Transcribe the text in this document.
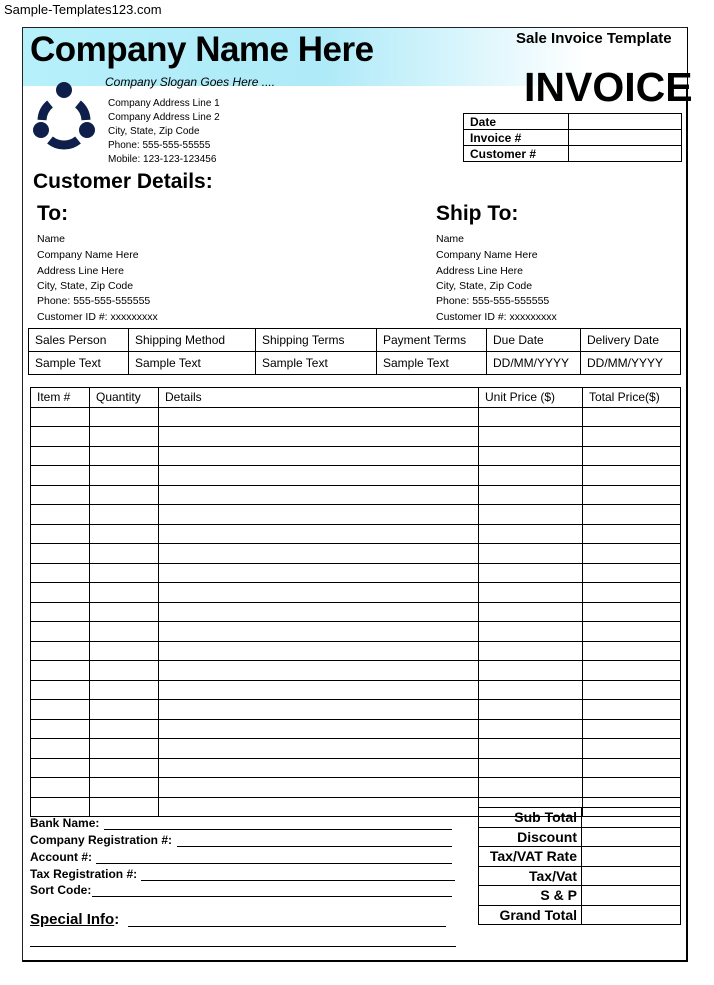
Sample-Templates123.com
Company Name Here	Sale Invoice Template
Company Slogan Goes Here ....	INVOICE
Company Address Line 1
Company Address Line 2
City, State, Zip Code
Phone: 555-555-55555
Mobile: 123-123-123456
Date	
Invoice #	
Customer #	
Customer Details:
To:	Ship To:
Name
Company Name Here
Address Line Here
City, State, Zip Code
Phone: 555-555-555555
Customer ID #: xxxxxxxxx
Name
Company Name Here
Address Line Here
City, State, Zip Code
Phone: 555-555-555555
Customer ID #: xxxxxxxxx
Sales Person	Shipping Method	Shipping Terms	Payment Terms	Due Date	Delivery Date
Sample Text	Sample Text	Sample Text	Sample Text	DD/MM/YYYY	DD/MM/YYYY
Item #	Quantity	Details	Unit Price ($)	Total Price($)

Bank Name:
Company Registration #:
Account #:
Tax Registration #:
Sort Code:
Special Info:
Sub Total	
Discount	
Tax/VAT Rate	
Tax/Vat	
S & P	
Grand Total	
